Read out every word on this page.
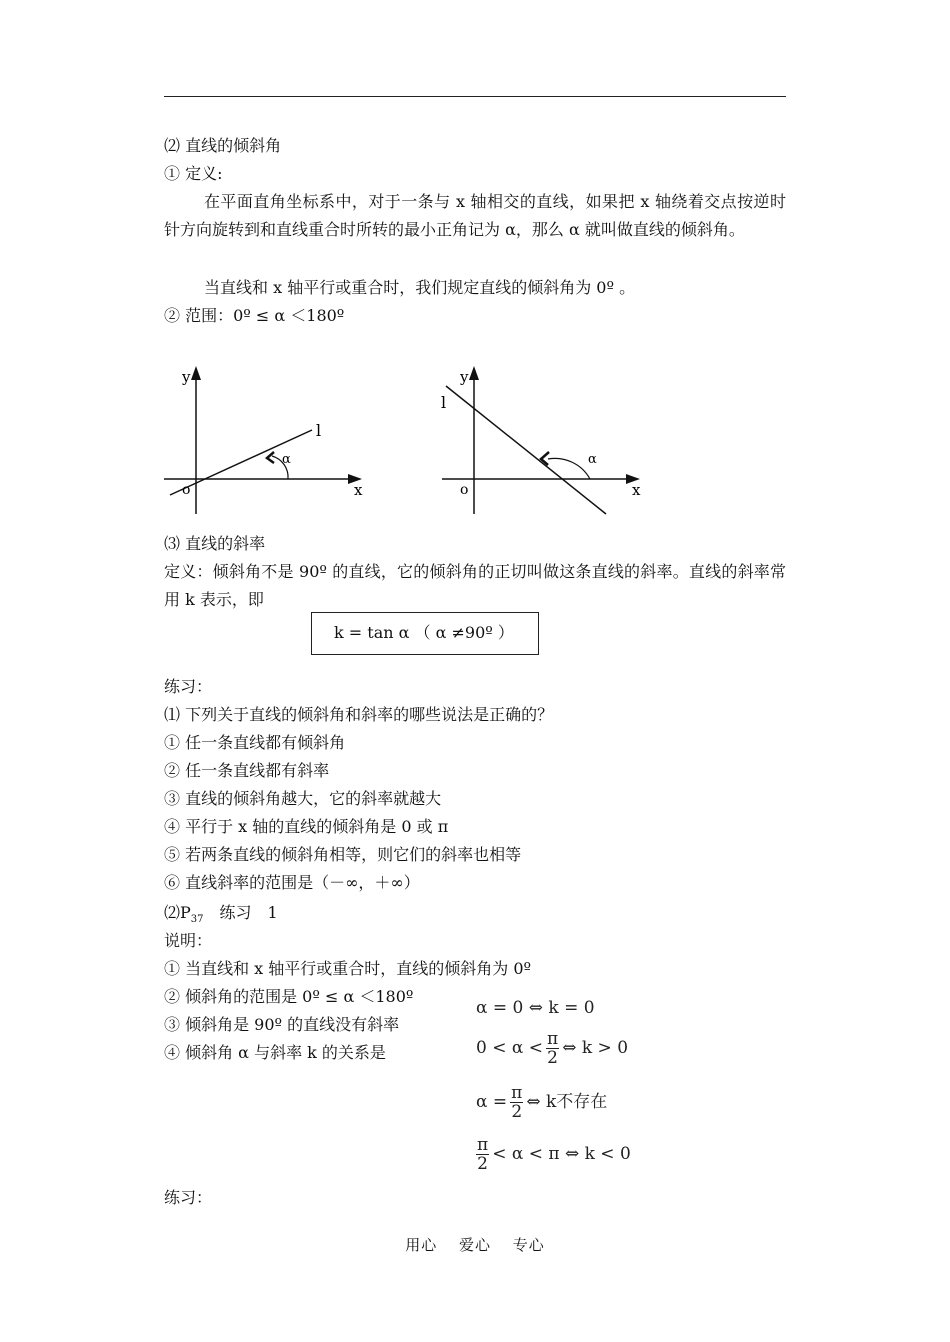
⑵ 直线的倾斜角
① 定义:
在平面直角坐标系中，对于一条与 x 轴相交的直线，如果把 x 轴绕着交点按逆时针方向旋转到和直线重合时所转的最小正角记为 α，那么 α 就叫做直线的倾斜角。
当直线和 x 轴平行或重合时，我们规定直线的倾斜角为 0º 。
② 范围：0º ≤ α ＜180º
y
x
o
l
α
y
x
o
l
α
⑶ 直线的斜率
定义：倾斜角不是 90º 的直线，它的倾斜角的正切叫做这条直线的斜率。直线的斜率常用 k 表示，即
k = tan α （ α ≠90º ）
练习：
⑴ 下列关于直线的倾斜角和斜率的哪些说法是正确的？
① 任一条直线都有倾斜角
② 任一条直线都有斜率
③ 直线的倾斜角越大，它的斜率就越大
④ 平行于 x 轴的直线的倾斜角是 0 或 π
⑤ 若两条直线的倾斜角相等，则它们的斜率也相等
⑥ 直线斜率的范围是（－∞，＋∞）
$⑵P_{37}$　练习　1
说明：
① 当直线和 x 轴平行或重合时，直线的倾斜角为 0º
② 倾斜角的范围是 0º ≤ α ＜180º
③ 倾斜角是 90º 的直线没有斜率
④ 倾斜角 α 与斜率 k 的关系是
α = 0 ⇔ k = 0
$0 < \alpha < \frac{\pi}{2}$ ⇔ k > 0
$\alpha = \frac{\pi}{2}$ ⇔ k不存在
$\frac{\pi}{2} < \alpha < \pi$ ⇔ k < 0
练习：
用心 爱心 专心
